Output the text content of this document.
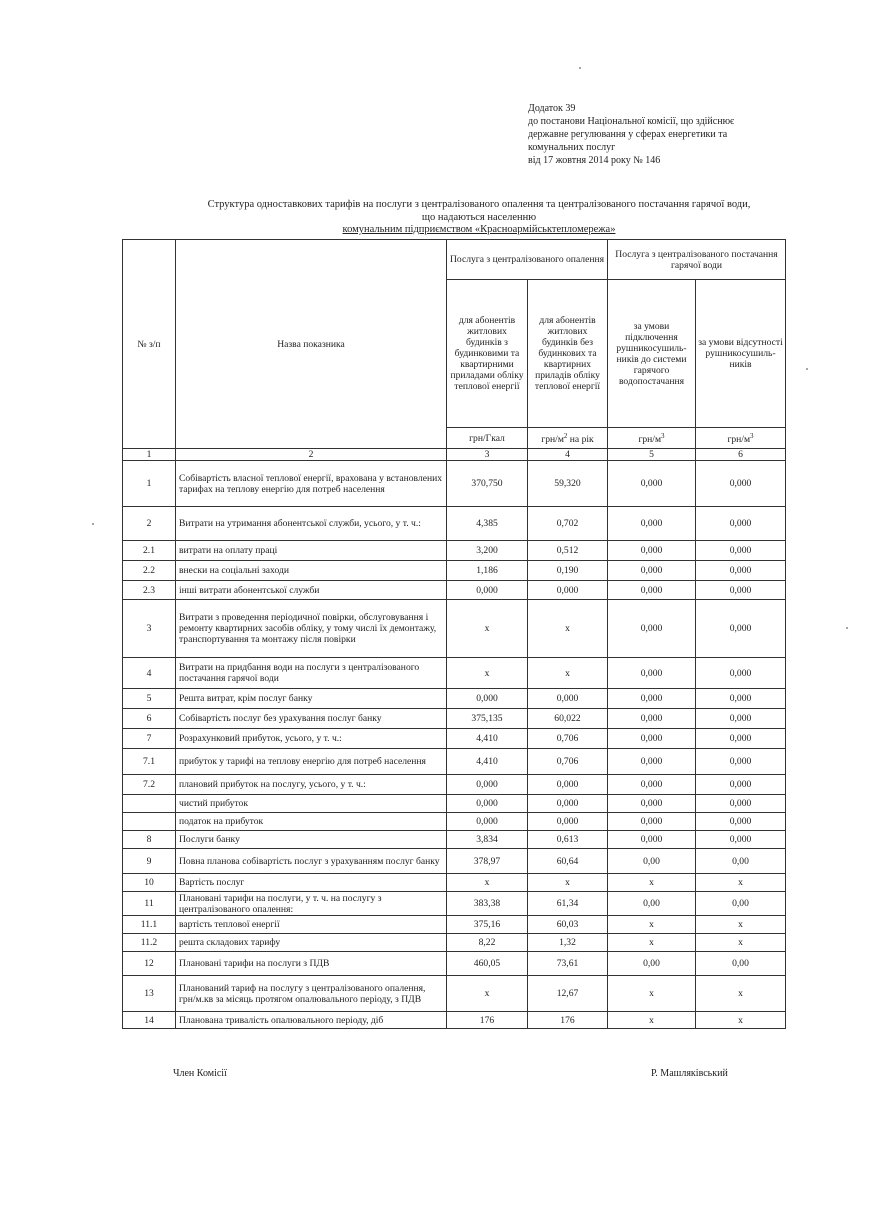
Додаток 39
до постанови Національної комісії, що здійснює
державне регулювання у сферах енергетики та
комунальних послуг
від 17 жовтня 2014 року № 146
Структура одноставкових тарифів на послуги з централізованого опалення та централізованого постачання гарячої води,
що надаються населенню
комунальним підприємством «Красноармійськтепломережа»
№ з/п	Назва показника	Послуга з централізованого опалення		Послуга з централізованого постачання гарячої води	
		для абонентів житлових будинків з будинковими та квартирними приладами обліку теплової енергії	для абонентів житлових будинків без будинкових та квартирних приладів обліку теплової енергії	за умови підключення рушникосушиль-ників до системи гарячого водопостачання	за умови відсутності рушникосушиль-ників
		грн/Гкал	грн/$м^2$ на рік	грн/$м^3$	грн/$м^3$
1	2	3	4	5	6
1	Собівартість власної теплової енергії, врахована у встановлених тарифах на теплову енергію для потреб населення	370,750	59,320	0,000	0,000
2	Витрати на утримання абонентської служби, усього, у т. ч.:	4,385	0,702	0,000	0,000
2.1	витрати на оплату праці	3,200	0,512	0,000	0,000
2.2	внески на соціальні заходи	1,186	0,190	0,000	0,000
2.3	інші витрати абонентської служби	0,000	0,000	0,000	0,000
3	Витрати з проведення періодичної повірки, обслуговування і ремонту квартирних засобів обліку, у тому числі їх демонтажу, транспортування та монтажу після повірки	x	x	0,000	0,000
4	Витрати на придбання води на послуги з централізованого постачання гарячої води	x	x	0,000	0,000
5	Решта витрат, крім послуг банку	0,000	0,000	0,000	0,000
6	Собівартість послуг без урахування послуг банку	375,135	60,022	0,000	0,000
7	Розрахунковий прибуток, усього, у т. ч.:	4,410	0,706	0,000	0,000
7.1	прибуток у тарифі на теплову енергію для потреб населення	4,410	0,706	0,000	0,000
7.2	плановий прибуток на послугу, усього, у т. ч.:	0,000	0,000	0,000	0,000
	чистий прибуток	0,000	0,000	0,000	0,000
	податок на прибуток	0,000	0,000	0,000	0,000
8	Послуги банку	3,834	0,613	0,000	0,000
9	Повна планова собівартість послуг з урахуванням послуг банку	378,97	60,64	0,00	0,00
10	Вартість послуг	x	x	x	x
11	Плановані тарифи на послуги, у т. ч. на послугу з централізованого опалення:	383,38	61,34	0,00	0,00
11.1	вартість теплової енергії	375,16	60,03	x	x
11.2	решта складових тарифу	8,22	1,32	x	x
12	Плановані тарифи на послуги з ПДВ	460,05	73,61	0,00	0,00
13	Планований тариф на послугу з централізованого опалення, грн/м.кв за місяць протягом опалювального періоду, з ПДВ	x	12,67	x	x
14	Планована тривалість опалювального періоду, діб	176	176	x	x
Член Комісії	Р. Машляківський
